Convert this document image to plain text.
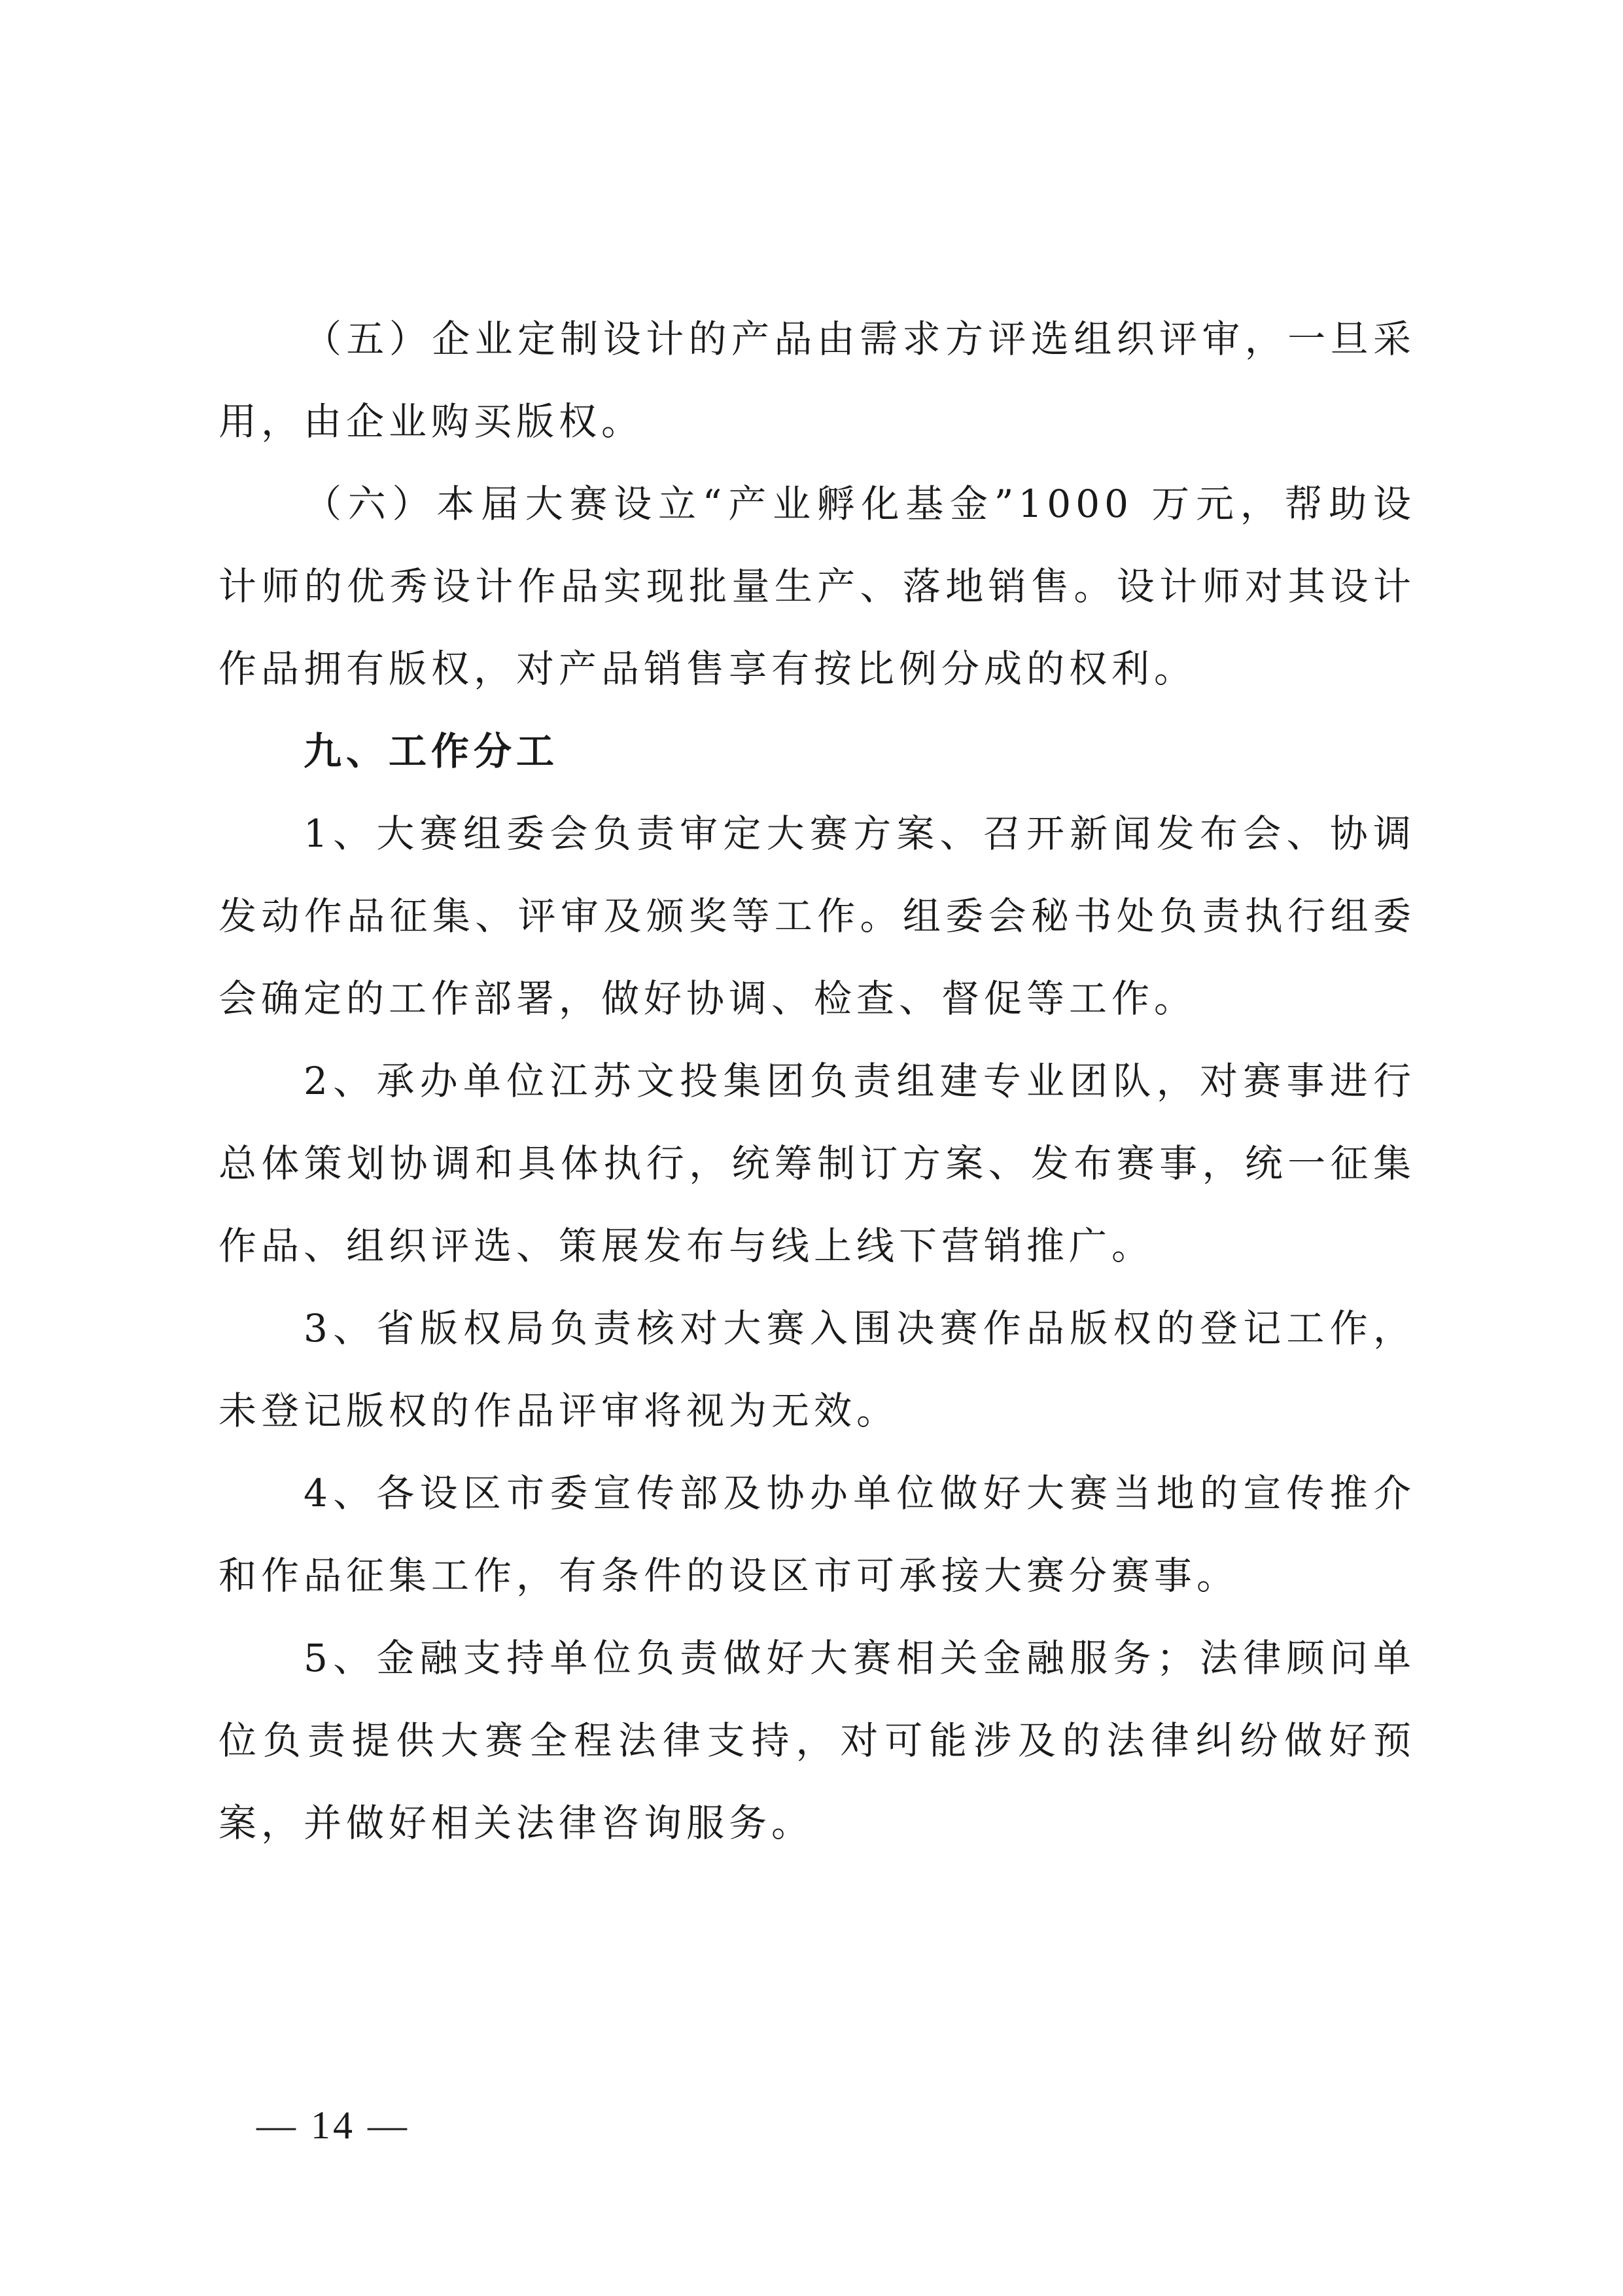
（五）企业定制设计的产品由需求方评选组织评审，一旦采用，由企业购买版权。

（六）本届大赛设立“产业孵化基金”1000 万元，帮助设计师的优秀设计作品实现批量生产、落地销售。设计师对其设计作品拥有版权，对产品销售享有按比例分成的权利。

九、工作分工

1、大赛组委会负责审定大赛方案、召开新闻发布会、协调发动作品征集、评审及颁奖等工作。组委会秘书处负责执行组委会确定的工作部署，做好协调、检查、督促等工作。

2、承办单位江苏文投集团负责组建专业团队，对赛事进行总体策划协调和具体执行，统筹制订方案、发布赛事，统一征集作品、组织评选、策展发布与线上线下营销推广。

3、省版权局负责核对大赛入围决赛作品版权的登记工作，未登记版权的作品评审将视为无效。

4、各设区市委宣传部及协办单位做好大赛当地的宣传推介和作品征集工作，有条件的设区市可承接大赛分赛事。

5、金融支持单位负责做好大赛相关金融服务；法律顾问单位负责提供大赛全程法律支持，对可能涉及的法律纠纷做好预案，并做好相关法律咨询服务。

— 14 —
